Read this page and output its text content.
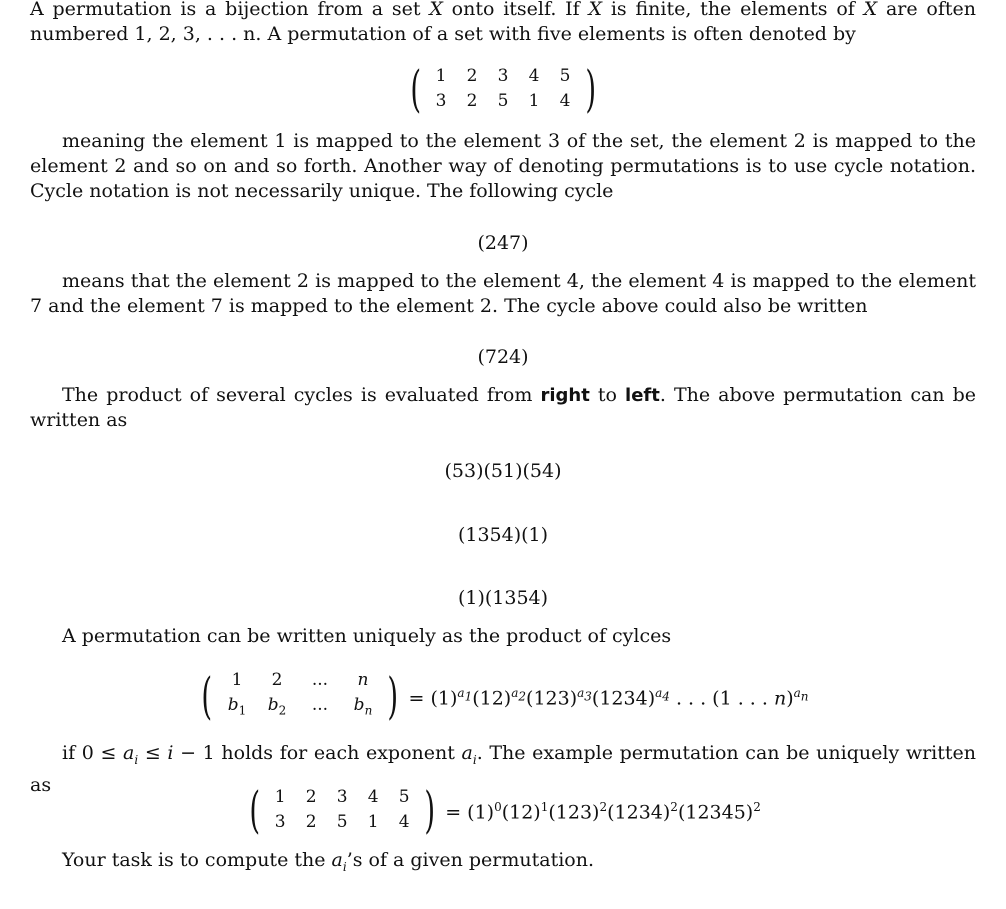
A permutation is a bijection from a set X onto itself. If X is finite, the elements of X are often numbered 1, 2, 3, . . . n. A permutation of a set with five elements is often denoted by

meaning the element 1 is mapped to the element 3 of the set, the element 2 is mapped to the element 2 and so on and so forth. Another way of denoting permutations is to use cycle notation. Cycle notation is not necessarily unique. The following cycle

means that the element 2 is mapped to the element 4, the element 4 is mapped to the element 7 and the element 7 is mapped to the element 2. The cycle above could also be written

The product of several cycles is evaluated from right to left. The above permutation can be written as

A permutation can be written uniquely as the product of cylces

if $0 \le a_i \le i - 1$ holds for each exponent $a_i$. The example permutation can be uniquely written as

Your task is to compute the $a_i’s$ of a given permutation.

( 1	2	3	4	5
3	2	5	1	4 )
(247)
(724)
(53)(51)(54)
(1354)(1)
(1)(1354)
(	1	2	...	n
$b_1$	$b_2$	...	$b_n$ ) = $(1)^{a_1}(12)^{a_2}(123)^{a_3}(1234)^{a_4}$ . . . (1 . . . n)$^{a_n}$
( 1	2	3	4	5
3	2	5	1	4 ) = $(1)^0(12)^1(123)^2(1234)^2(12345)^2$
